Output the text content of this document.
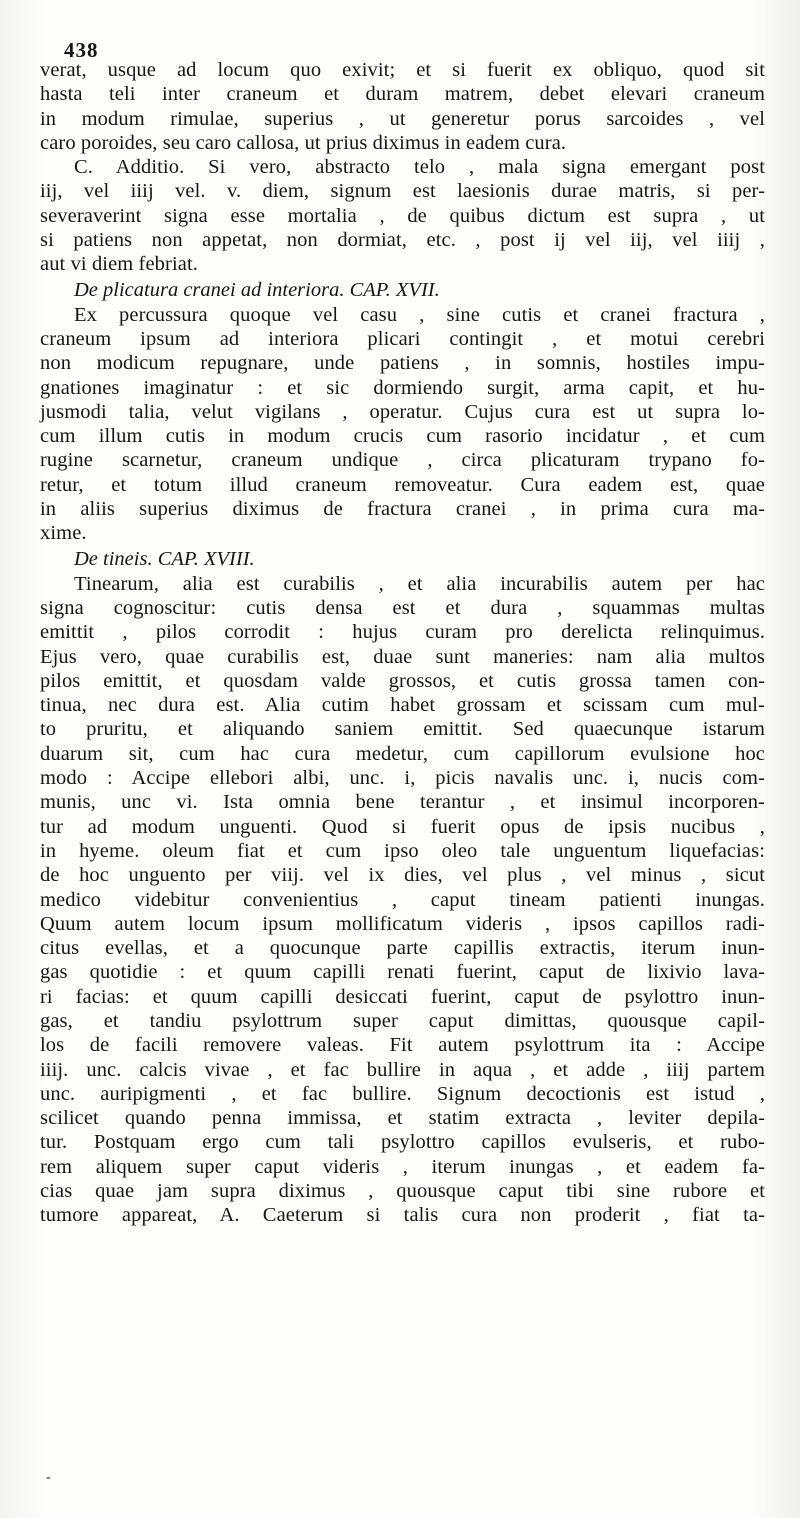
438
verat, usque ad locum quo exivit; et si fuerit ex obliquo, quod sit
hasta teli inter craneum et duram matrem, debet elevari craneum
in modum rimulae, superius , ut generetur porus sarcoides , vel
caro poroides, seu caro callosa, ut prius diximus in eadem cura.
C. Additio. Si vero, abstracto telo , mala signa emergant post
iij, vel iiij vel. v. diem, signum est laesionis durae matris, si per-
severaverint signa esse mortalia , de quibus dictum est supra , ut
si patiens non appetat, non dormiat, etc. , post ij vel iij, vel iiij ,
aut vi diem febriat.
De plicatura cranei ad interiora. CAP. XVII.
Ex percussura quoque vel casu , sine cutis et cranei fractura ,
craneum ipsum ad interiora plicari contingit , et motui cerebri
non modicum repugnare, unde patiens , in somnis, hostiles impu-
gnationes imaginatur : et sic dormiendo surgit, arma capit, et hu-
jusmodi talia, velut vigilans , operatur. Cujus cura est ut supra lo-
cum illum cutis in modum crucis cum rasorio incidatur , et cum
rugine scarnetur, craneum undique , circa plicaturam trypano fo-
retur, et totum illud craneum removeatur. Cura eadem est, quae
in aliis superius diximus de fractura cranei , in prima cura ma-
xime.
De tineis. CAP. XVIII.
Tinearum, alia est curabilis , et alia incurabilis autem per hac
signa cognoscitur: cutis densa est et dura , squammas multas
emittit , pilos corrodit : hujus curam pro derelicta relinquimus.
Ejus vero, quae curabilis est, duae sunt maneries: nam alia multos
pilos emittit, et quosdam valde grossos, et cutis grossa tamen con-
tinua, nec dura est. Alia cutim habet grossam et scissam cum mul-
to pruritu, et aliquando saniem emittit. Sed quaecunque istarum
duarum sit, cum hac cura medetur, cum capillorum evulsione hoc
modo : Accipe ellebori albi, unc. i, picis navalis unc. i, nucis com-
munis, unc vi. Ista omnia bene terantur , et insimul incorporen-
tur ad modum unguenti. Quod si fuerit opus de ipsis nucibus ,
in hyeme. oleum fiat et cum ipso oleo tale unguentum liquefacias:
de hoc unguento per viij. vel ix dies, vel plus , vel minus , sicut
medico videbitur convenientius , caput tineam patienti inungas.
Quum autem locum ipsum mollificatum videris , ipsos capillos radi-
citus evellas, et a quocunque parte capillis extractis, iterum inun-
gas quotidie : et quum capilli renati fuerint, caput de lixivio lava-
ri facias: et quum capilli desiccati fuerint, caput de psylottro inun-
gas, et tandiu psylottrum super caput dimittas, quousque capil-
los de facili removere valeas. Fit autem psylottrum ita : Accipe
iiij. unc. calcis vivae , et fac bullire in aqua , et adde , iiij partem
unc. auripigmenti , et fac bullire. Signum decoctionis est istud ,
scilicet quando penna immissa, et statim extracta , leviter depila-
tur. Postquam ergo cum tali psylottro capillos evulseris, et rubo-
rem aliquem super caput videris , iterum inungas , et eadem fa-
cias quae jam supra diximus , quousque caput tibi sine rubore et
tumore appareat, A. Caeterum si talis cura non proderit , fiat ta-
-
